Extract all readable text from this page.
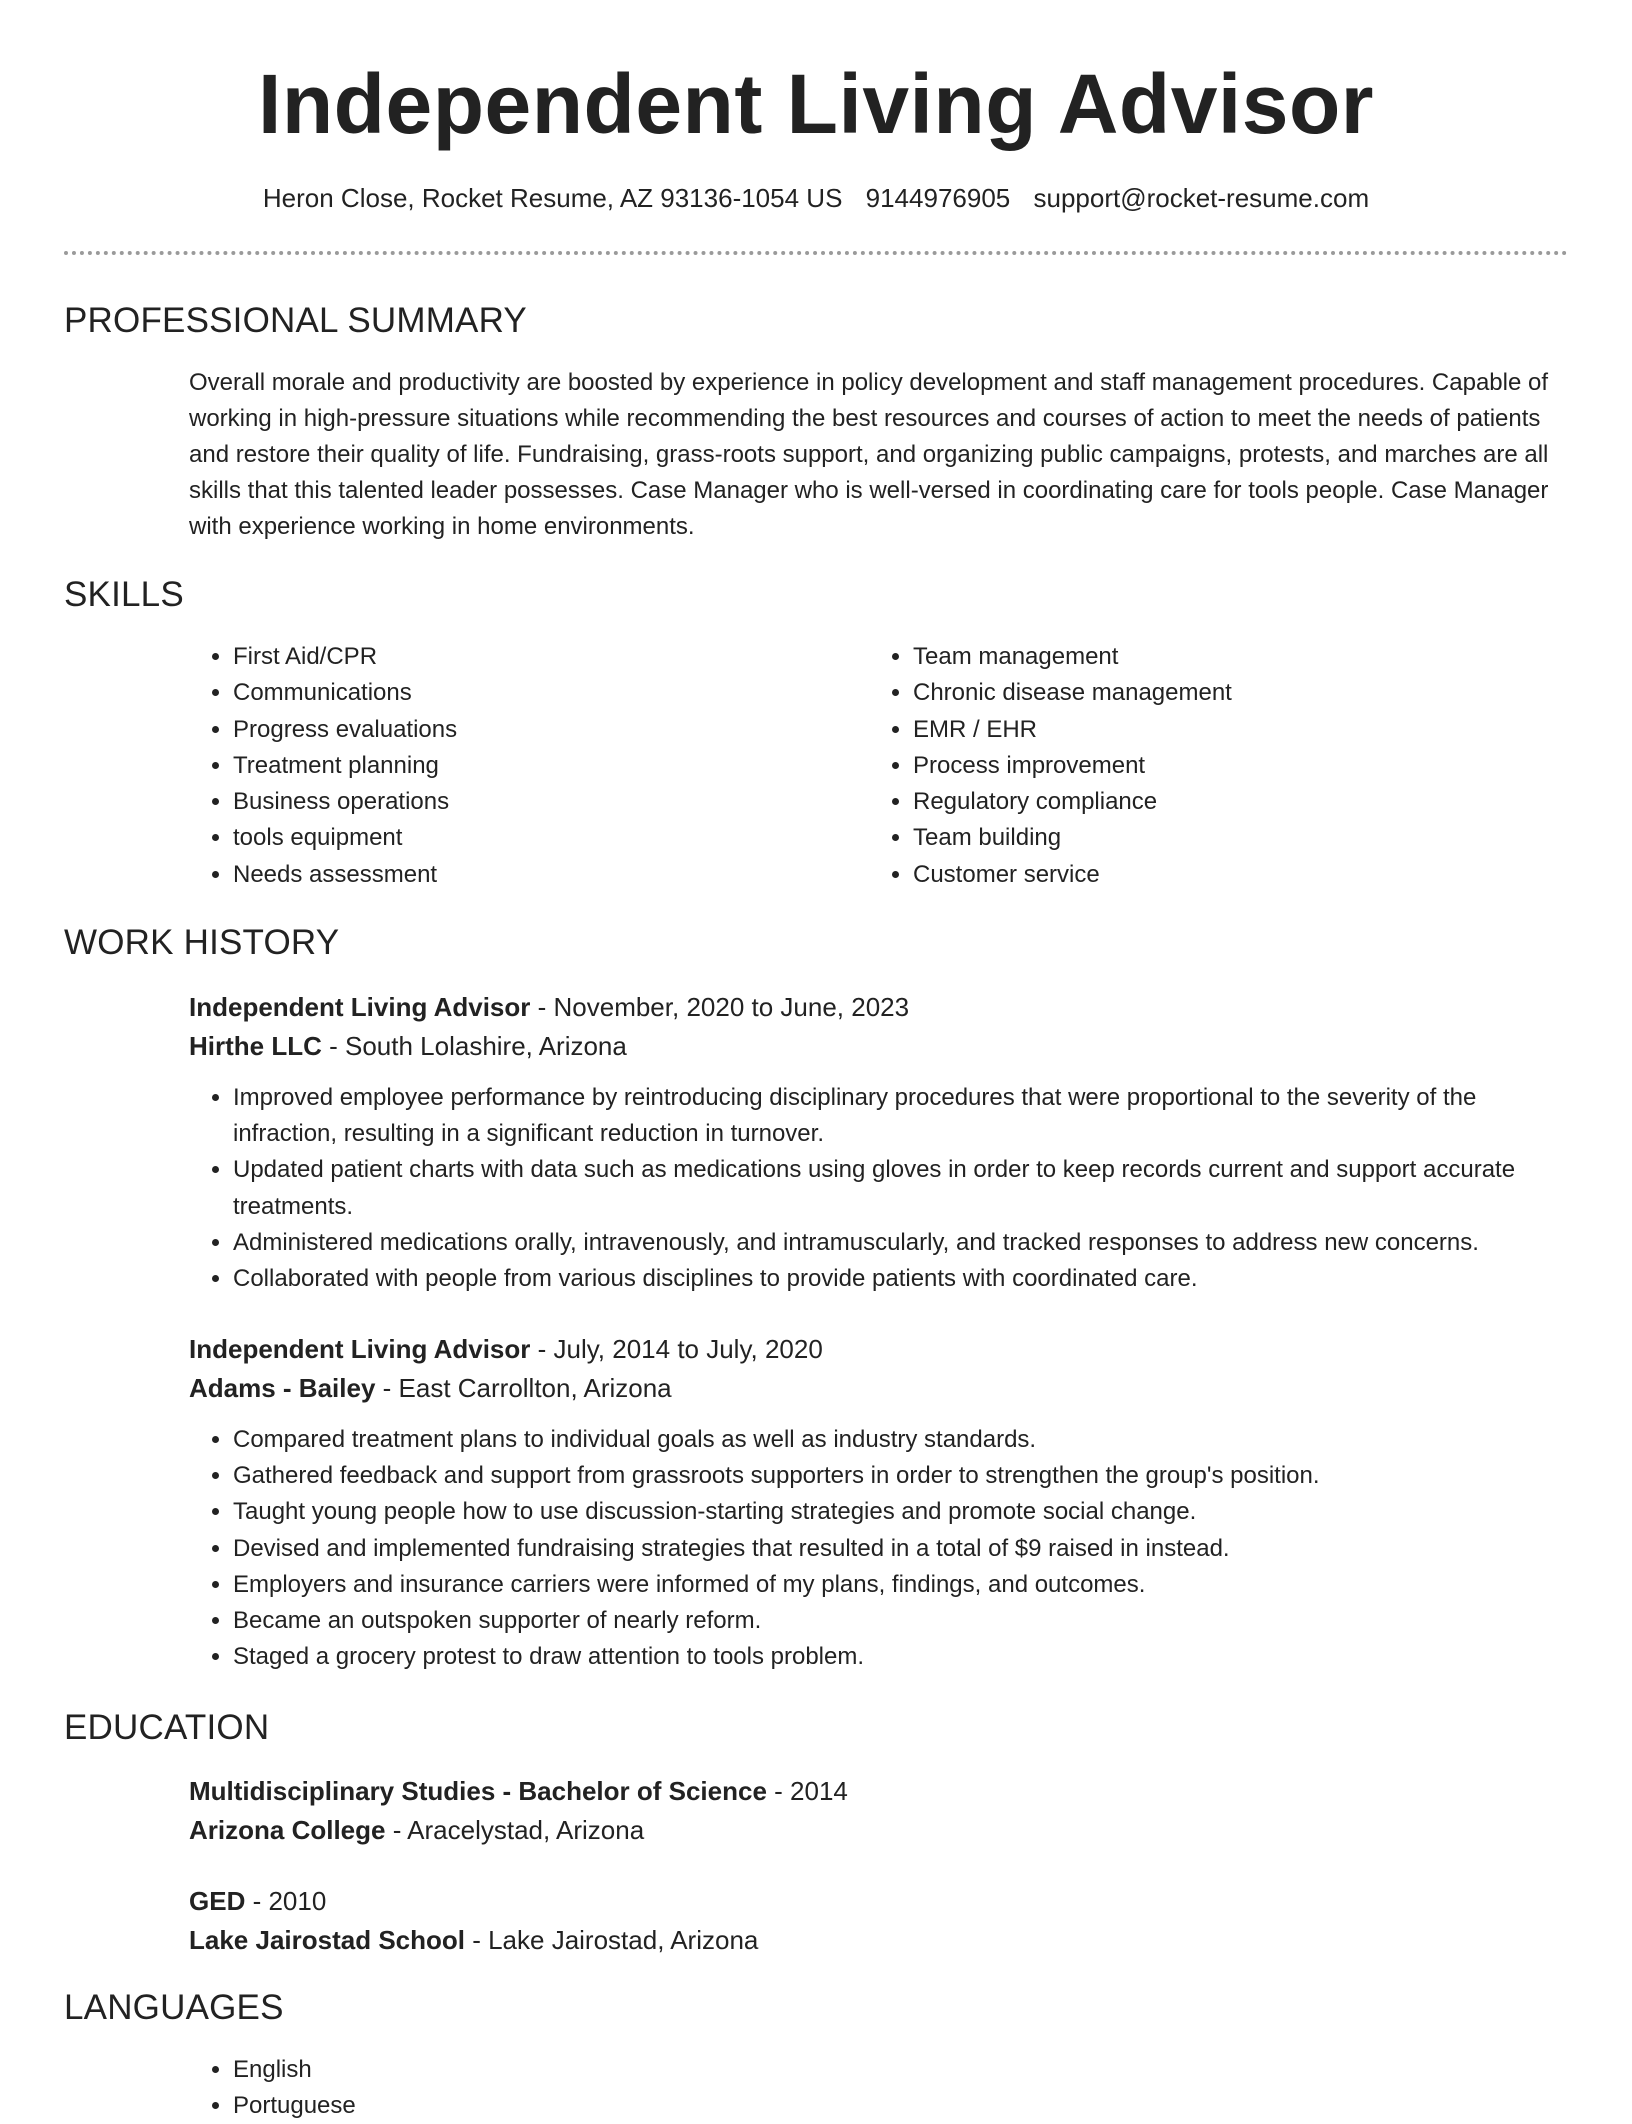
Independent Living Advisor
Heron Close, Rocket Resume, AZ 93136-1054 US 9144976905 support@rocket-resume.com
PROFESSIONAL SUMMARY

Overall morale and productivity are boosted by experience in policy development and staff management procedures. Capable of working in high-pressure situations while recommending the best resources and courses of action to meet the needs of patients and restore their quality of life. Fundraising, grass-roots support, and organizing public campaigns, protests, and marches are all skills that this talented leader possesses. Case Manager who is well-versed in coordinating care for tools people. Case Manager with experience working in home environments.

SKILLS
• First Aid/CPR
• Communications
• Progress evaluations
• Treatment planning
• Business operations
• tools equipment
• Needs assessment
• Team management
• Chronic disease management
• EMR / EHR
• Process improvement
• Regulatory compliance
• Team building
• Customer service
WORK HISTORY
Independent Living Advisor - November, 2020 to June, 2023
Hirthe LLC - South Lolashire, Arizona
• Improved employee performance by reintroducing disciplinary procedures that were proportional to the severity of the infraction, resulting in a significant reduction in turnover.
• Updated patient charts with data such as medications using gloves in order to keep records current and support accurate treatments.
• Administered medications orally, intravenously, and intramuscularly, and tracked responses to address new concerns.
• Collaborated with people from various disciplines to provide patients with coordinated care.
Independent Living Advisor - July, 2014 to July, 2020
Adams - Bailey - East Carrollton, Arizona
• Compared treatment plans to individual goals as well as industry standards.
• Gathered feedback and support from grassroots supporters in order to strengthen the group's position.
• Taught young people how to use discussion-starting strategies and promote social change.
• Devised and implemented fundraising strategies that resulted in a total of $9 raised in instead.
• Employers and insurance carriers were informed of my plans, findings, and outcomes.
• Became an outspoken supporter of nearly reform.
• Staged a grocery protest to draw attention to tools problem.
EDUCATION
Multidisciplinary Studies - Bachelor of Science - 2014
Arizona College - Aracelystad, Arizona
GED - 2010
Lake Jairostad School - Lake Jairostad, Arizona
LANGUAGES
• English
• Portuguese
